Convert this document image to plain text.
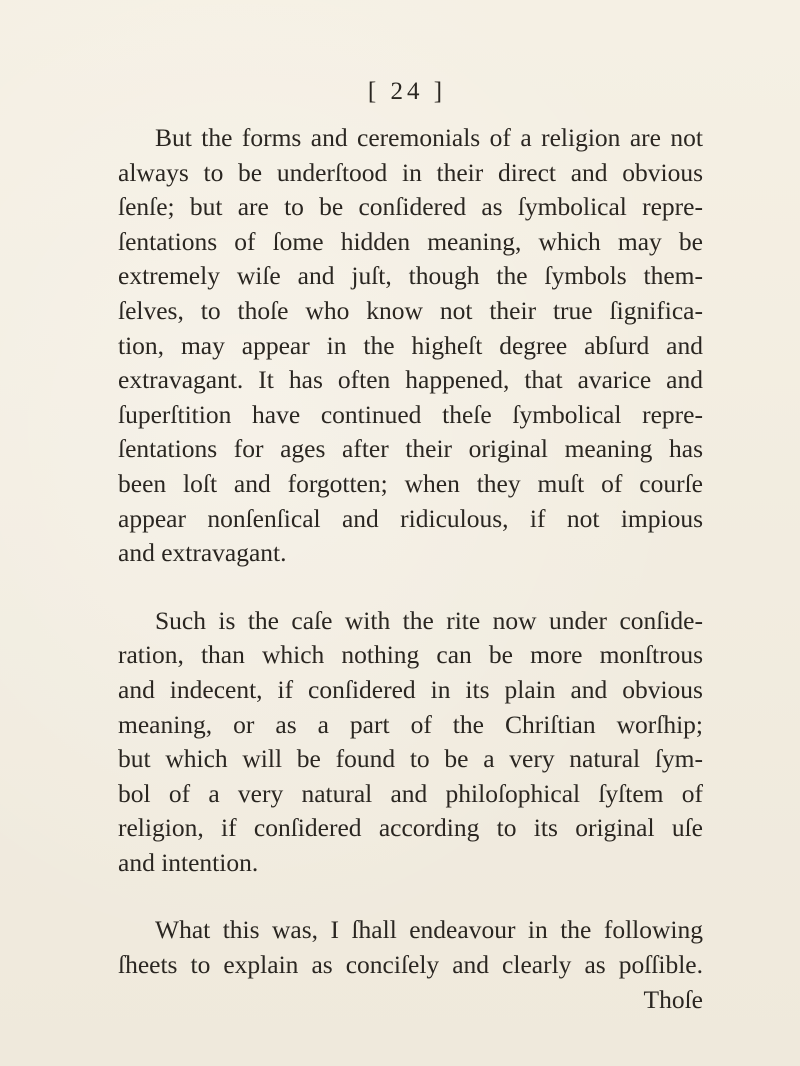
[ 24 ]
But the forms and ceremonials of a religion are not
always to be underſtood in their direct and obvious
ſenſe; but are to be conſidered as ſymbolical repre-
ſentations of ſome hidden meaning, which may be
extremely wiſe and juſt, though the ſymbols them-
ſelves, to thoſe who know not their true ſignifica-
tion, may appear in the higheſt degree abſurd and
extravagant. It has often happened, that avarice and
ſuperſtition have continued theſe ſymbolical repre-
ſentations for ages after their original meaning has
been loſt and forgotten; when they muſt of courſe
appear nonſenſical and ridiculous, if not impious
and extravagant.
Such is the caſe with the rite now under conſide-
ration, than which nothing can be more monſtrous
and indecent, if conſidered in its plain and obvious
meaning, or as a part of the Chriſtian worſhip;
but which will be found to be a very natural ſym-
bol of a very natural and philoſophical ſyſtem of
religion, if conſidered according to its original uſe
and intention.
What this was, I ſhall endeavour in the following
ſheets to explain as conciſely and clearly as poſſible.
Thoſe
